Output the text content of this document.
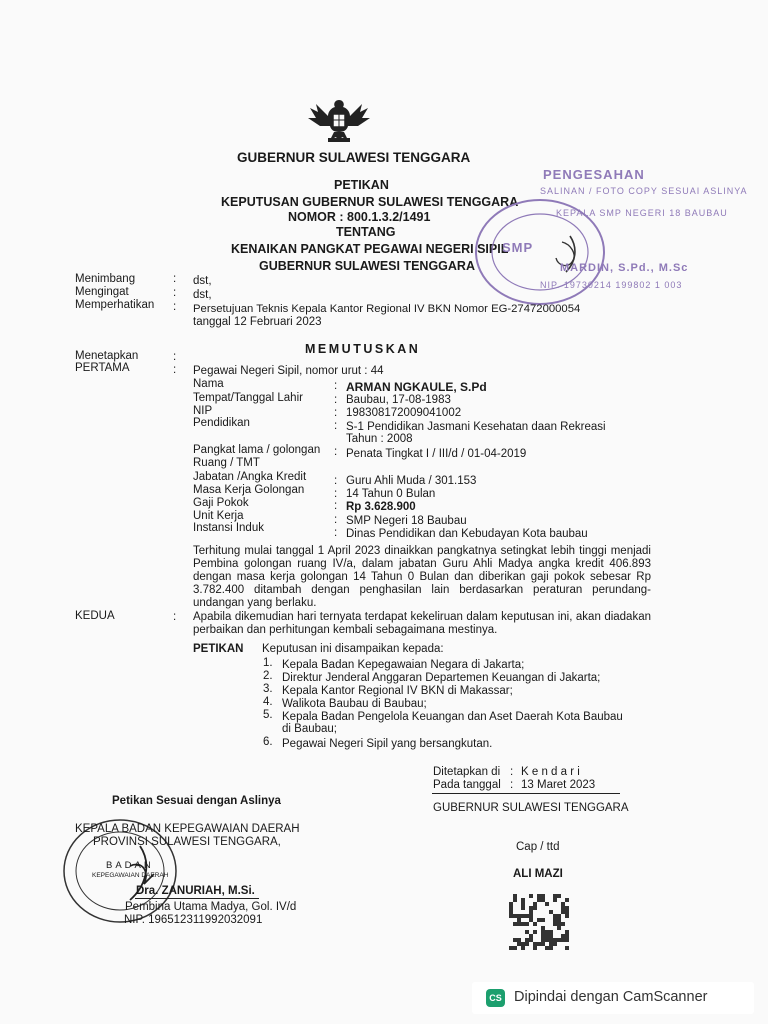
GUBERNUR SULAWESI TENGGARA
PETIKAN
KEPUTUSAN GUBERNUR SULAWESI TENGGARA
NOMOR : 800.1.3.2/1491
TENTANG
KENAIKAN PANGKAT PEGAWAI NEGERI SIPIL
GUBERNUR SULAWESI TENGGARA
PENGESAHAN
SALINAN / FOTO COPY SESUAI ASLINYA
KEPALA SMP NEGERI 18 BAUBAU
SMP
MARDIN, S.Pd., M.Sc
NIP. 19730214 199802 1 003
Menimbang	: dst,
Mengingat	: dst,
Memperhatikan : Persetujuan Teknis Kepala Kantor Regional IV BKN Nomor EG-27472000054
tanggal 12 Februari 2023
MEMUTUSKAN
Menetapkan	:
PERTAMA	: Pegawai Negeri Sipil, nomor urut : 44
Nama	: ARMAN NGKAULE, S.Pd
Tempat/Tanggal Lahir	: Baubau, 17-08-1983
NIP	: 198308172009041002
Pendidikan	: S-1 Pendidikan Jasmani Kesehatan daan Rekreasi
Tahun : 2008
Pangkat lama / golongan : Penata Tingkat I / III/d / 01-04-2019
Ruang / TMT
Jabatan /Angka Kredit : Guru Ahli Muda / 301.153
Masa Kerja Golongan	: 14 Tahun 0 Bulan
Gaji Pokok	: Rp 3.628.900
Unit Kerja	: SMP Negeri 18 Baubau
Instansi Induk	: Dinas Pendidikan dan Kebudayan Kota baubau
Terhitung mulai tanggal 1 April 2023 dinaikkan pangkatnya setingkat lebih tinggi menjadi Pembina golongan ruang IV/a, dalam jabatan Guru Ahli Madya angka kredit 406.893 dengan masa kerja golongan 14 Tahun 0 Bulan dan diberikan gaji pokok sebesar Rp 3.782.400 ditambah dengan penghasilan lain berdasarkan peraturan perundang-undangan yang berlaku.
KEDUA	: Apabila dikemudian hari ternyata terdapat kekeliruan dalam keputusan ini, akan diadakan perbaikan dan perhitungan kembali sebagaimana mestinya.
PETIKAN Keputusan ini disampaikan kepada:
1. Kepala Badan Kepegawaian Negara di Jakarta;
2. Direktur Jenderal Anggaran Departemen Keuangan di Jakarta;
3. Kepala Kantor Regional IV BKN di Makassar;
4. Walikota Baubau di Baubau;
5. Kepala Badan Pengelola Keuangan dan Aset Daerah Kota Baubau
di Baubau;
6. Pegawai Negeri Sipil yang bersangkutan.
Ditetapkan di : K e n d a r i
Pada tanggal : 13 Maret 2023
GUBERNUR SULAWESI TENGGARA
Cap / ttd
ALI MAZI
Petikan Sesuai dengan Aslinya
KEPALA BADAN KEPEGAWAIAN DAERAH
PROVINSI SULAWESI TENGGARA,
BADAN
KEPEGAWAIAN DAERAH
Dra. ZANURIAH, M.Si.
Pembina Utama Madya, Gol. IV/d
NIP. 196512311992032091
CS Dipindai dengan CamScanner
